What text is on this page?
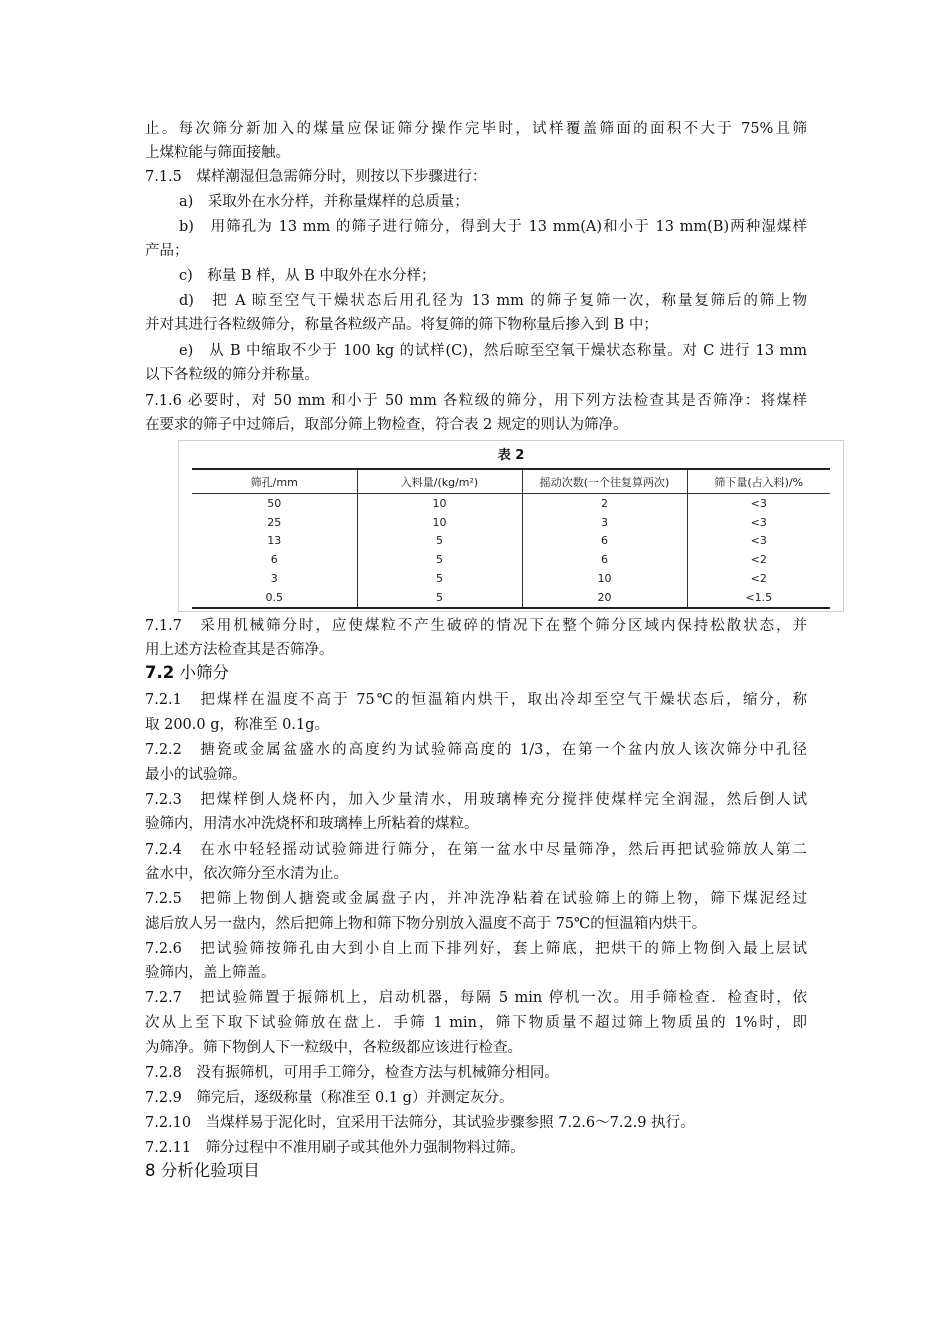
止。每次筛分新加入的煤量应保证筛分操作完毕时，试样覆盖筛面的面积不大于 75%且筛
上煤粒能与筛面接触。
7.1.5　煤样潮湿但急需筛分时，则按以下步骤进行：
a)　采取外在水分样，并称量煤样的总质量；
b)　用筛孔为 13 mm 的筛子进行筛分，得到大于 13 mm(A)和小于 13 mm(B)两种湿煤样
产品；
c)　称量 B 样，从 B 中取外在水分样；
d)　把 A 晾至空气干燥状态后用孔径为 13 mm 的筛子复筛一次，称量复筛后的筛上物
并对其进行各粒级筛分，称量各粒级产品。将复筛的筛下物称量后掺入到 B 中；
e)　从 B 中缩取不少于 100 kg 的试样(C)，然后晾至空氧干燥状态称量。对 C 进行 13 mm
以下各粒级的筛分并称量。
7.1.6 必要时，对 50 mm 和小于 50 mm 各粒级的筛分，用下列方法检查其是否筛净：将煤样
在要求的筛子中过筛后，取部分筛上物检查，符合表 2 规定的则认为筛净。
表 2
筛孔/mm	入料量/(kg/m²)	摇动次数(一个往复算两次)	筛下量(占入料)/%
50	10	2	<3
25	10	3	<3
13	5	6	<3
6	5	6	<2
3	5	10	<2
0.5	5	20	<1.5
7.1.7　采用机械筛分时，应使煤粒不产生破碎的情况下在整个筛分区域内保持松散状态，并
用上述方法检查其是否筛净。
7.2 小筛分
7.2.1　把煤样在温度不高于 75℃的恒温箱内烘干，取出冷却至空气干燥状态后，缩分，称
取 200.0 g，称准至 0.1g。
7.2.2　搪瓷或金属盆盛水的高度约为试验筛高度的 1/3，在第一个盆内放人该次筛分中孔径
最小的试验筛。
7.2.3　把煤样倒人烧杯内，加入少量清水，用玻璃棒充分搅拌使煤样完全润湿，然后倒人试
验筛内，用清水冲洗烧杯和玻璃棒上所粘着的煤粒。
7.2.4　在水中轻轻摇动试验筛进行筛分，在第一盆水中尽量筛净，然后再把试验筛放人第二
盆水中，依次筛分至水清为止。
7.2.5　把筛上物倒人搪瓷或金属盘子内，并冲洗净粘着在试验筛上的筛上物，筛下煤泥经过
滤后放人另一盘内，然后把筛上物和筛下物分别放入温度不高于 75℃的恒温箱内烘干。
7.2.6　把试验筛按筛孔由大到小自上而下排列好，套上筛底，把烘干的筛上物倒入最上层试
验筛内，盖上筛盖。
7.2.7　把试验筛置于振筛机上，启动机器，每隔 5 min 停机一次。用手筛检查．检查时，依
次从上至下取下试验筛放在盘上．手筛 1 min，筛下物质量不超过筛上物质虽的 1%时，即
为筛净。筛下物倒人下一粒级中，各粒级都应该进行检查。
7.2.8　没有振筛机，可用手工筛分，检查方法与机械筛分相同。
7.2.9　筛完后，逐级称量（称准至 0.1 g）并测定灰分。
7.2.10　当煤样易于泥化时，宜采用干法筛分，其试验步骤参照 7.2.6～7.2.9 执行。
7.2.11　筛分过程中不准用刷子或其他外力强制物料过筛。
8 分析化验项目
